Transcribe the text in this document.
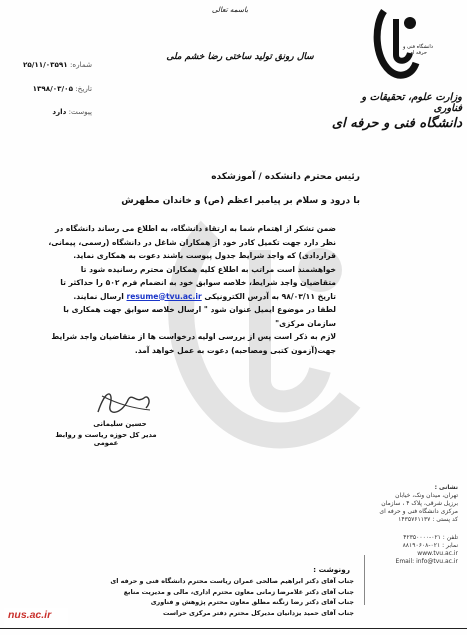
باسمه تعالی
سال رونق تولید ساختی رضا خشم ملی
شماره: ۲۵/۱۱/۰۳۵۹۱
تاریخ: ۱۳۹۸/۰۳/۰۵
پیوست: دارد
دانشگاه فنی و حرفه ای
وزارت علوم، تحقیقات و فناوری
دانشگاه فنی و حرفه ای
رئیس محترم دانشکده / آموزشکده
با درود و سلام بر پیامبر اعظم (ص) و خاندان مطهرش
ضمن تشکر از اهتمام شما به ارتقاء دانشگاه، به اطلاع می رساند دانشگاه در
نظر دارد جهت تکمیل کادر خود از همکاران شاغل در دانشگاه (رسمی، پیمانی،
قراردادی) که واجد شرایط جدول پیوست باشند دعوت به همکاری نماید.
خواهشمند است مراتب به اطلاع کلیه همکاران محترم رسانیده شود تا
متقاضیان واجد شرایط، خلاصه سوابق خود به انضمام فرم ۵۰۲ را حداکثر تا
تاریخ ۹۸/۰۳/۱۱ به آدرس الکترونیکی resume@tvu.ac.ir ارسال نمایند.
لطفا در موضوع ایمیل عنوان شود " ارسال خلاصه سوابق جهت همکاری با
سازمان مرکزی"
لازم به ذکر است پس از بررسی اولیه درخواست ها از متقاضیان واجد شرایط
جهت(آزمون کتبی ومصاحبه) دعوت به عمل خواهد آمد.
حسین سلیمانی
مدیر کل حوزه ریاست و روابط عمومی
نشانی :
تهران، میدان ونک، خیابان
برزیل شرقی، پلاک ۴ ، سازمان
مرکزی دانشگاه فنی و حرفه ای
کد پستی : ۱۴۳۵۷۶۱۱۳۷
تلفن : ۰۲۱-۴۲۳۵۰۰۰۰
نمابر : ۰۲۱-۸۸۱۹۰۶۰۸
www.tvu.ac.ir
Email: info@tvu.ac.ir
رونوشت :
جناب آقای دکتر ابراهیم صالحی عمران ریاست محترم دانشگاه فنی و حرفه ای
جناب آقای دکتر غلامرضا زمانی معاون محترم اداری، مالی و مدیریت منابع
جناب آقای دکتر رضا زنگنه مطلق معاون محترم پژوهش و فناوری
جناب آقای حمید یزدانیان مدیرکل محترم دفتر مرکزی حراست
nus.ac.ir
